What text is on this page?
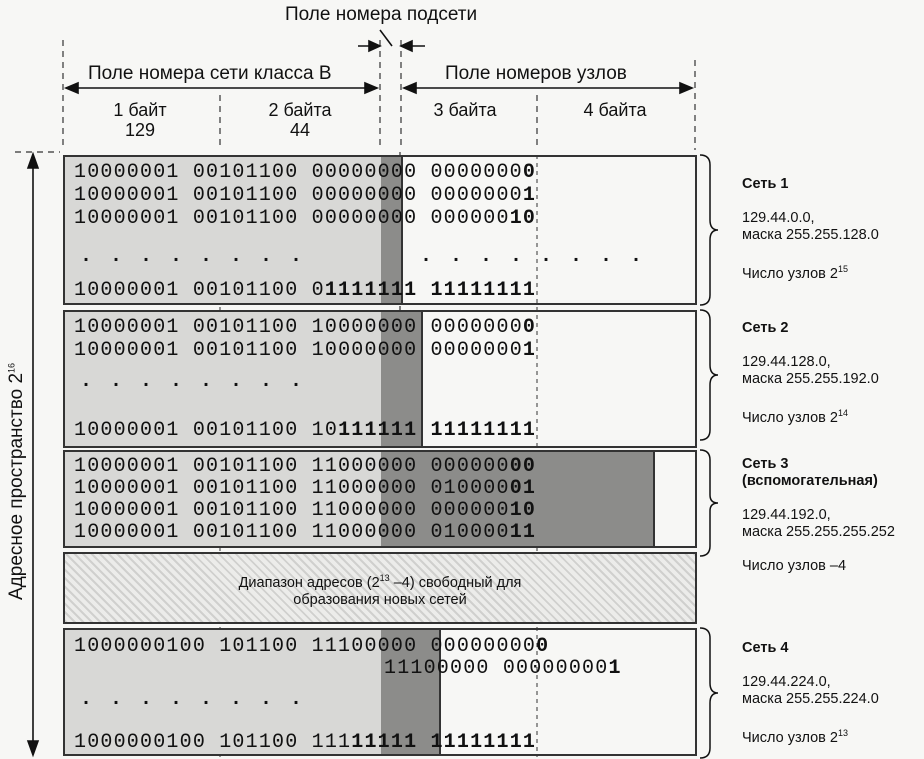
Поле номера подсети
Поле номера сети класса В	Поле номеров узлов
1 байт
129
2 байта
44
3 байта	4 байта
Адресное пространство $2^{16}$
10000001 00101100 00000000 00000000
10000001 00101100 00000000 00000001
10000001 00101100 00000000 00000010
........	........
10000001 00101100 01111111 11111111
Сеть 1

129.44.0.0,
маска 255.255.128.0

Число узлов $2^{15}$
10000001 00101100 10000000 00000000
10000001 00101100 10000000 00000001
........
10000001 00101100 10111111 11111111
Сеть 2

129.44.128.0,
маска 255.255.192.0

Число узлов $2^{14}$
10000001 00101100 11000000 00000000
10000001 00101100 11000000 01000001
10000001 00101100 11000000 00000010
10000001 00101100 11000000 01000011
Сеть 3
(вспомогательная)

129.44.192.0,
маска 255.255.255.252

Число узлов –4
Диапазон адресов ($2^{13}$ –4) свободный для
образования новых сетей
1000000100 101100 11100000 000000000
11100000 000000001
........
1000000100 101100 11111111 11111111
Сеть 4

129.44.224.0,
маска 255.255.224.0

Число узлов $2^{13}$
